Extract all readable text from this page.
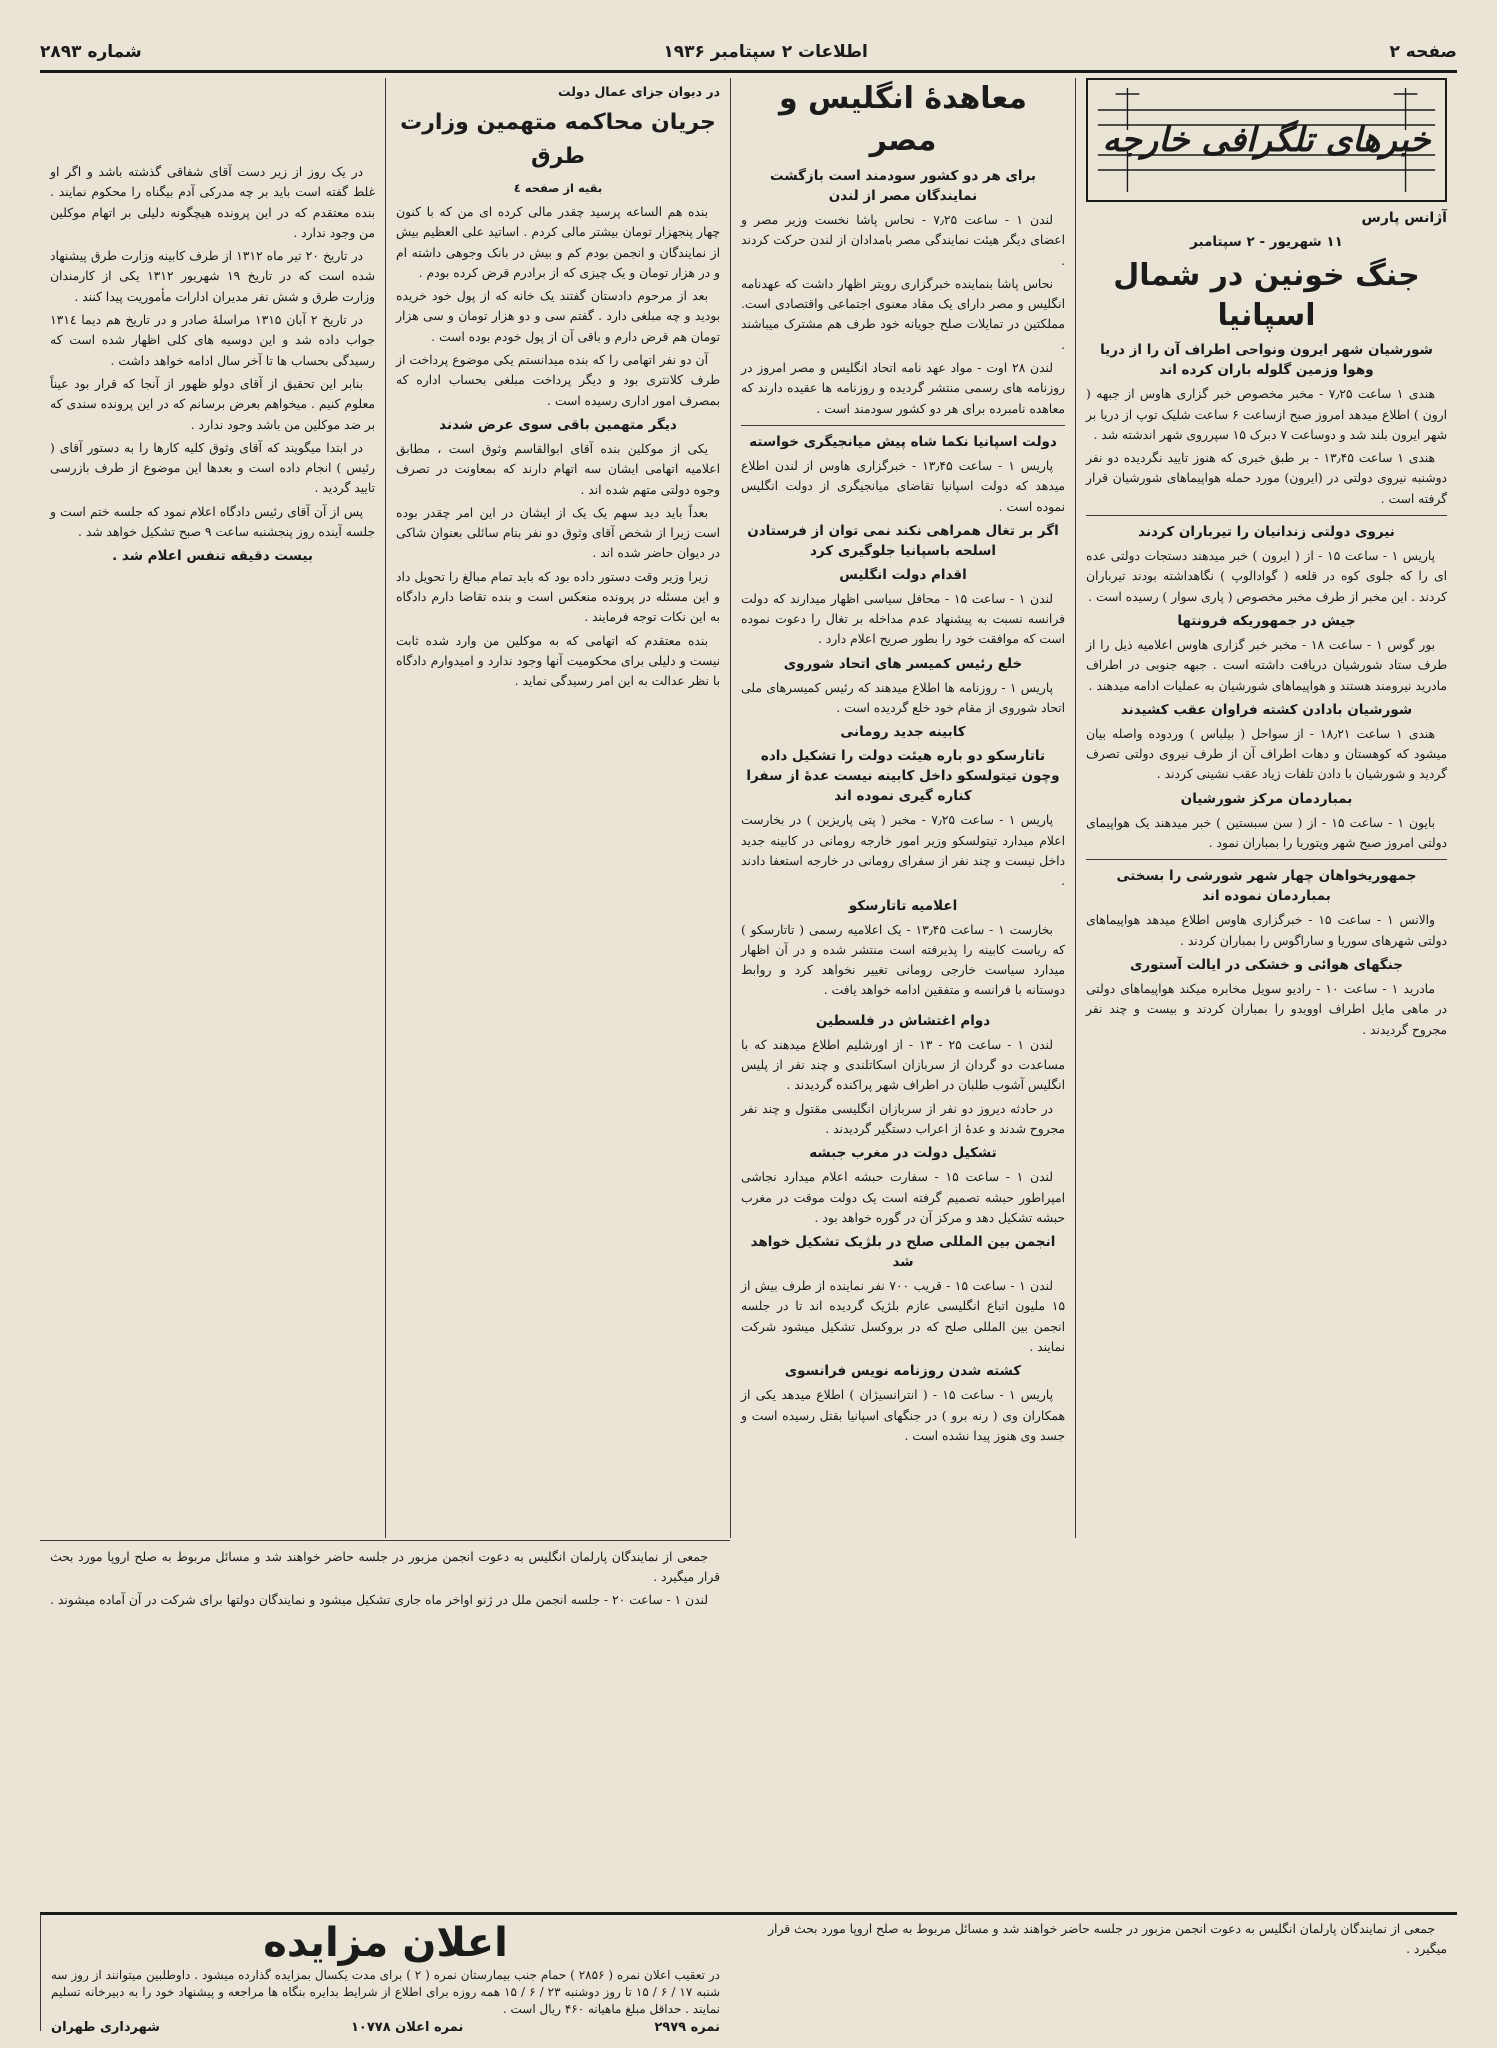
صفحه ۲
اطلاعات ۲ سپتامبر ۱۹۳۶
شماره ۲۸۹۳
خبرهای تلگرافی خارجه
آژانس پارس
۱۱ شهریور - ۲ سپتامبر
جنگ خونین در شمال اسپانیا
شورشیان شهر ایرون ونواحی اطراف آن را از دریا وهوا وزمین گلوله باران کرده اند

هندی ۱ ساعت ۷٫۲۵ - مخبر مخصوص خبر گزاری هاوس از جبهه ( ارون ) اطلاع میدهد امروز صبح ازساعت ۶ ساعت شلیک توپ از دریا بر شهر ایرون بلند شد و دوساعت ۷ دبرک ۱۵ سپرروی شهر اندشته شد .

هندی ۱ ساعت ۱۳٫۴۵ - بر طبق خبری که هنوز تایید نگردیده دو نفر دوشنبه نیروی دولتی در (ایرون) مورد حمله هواپیماهای شورشیان قرار گرفته است .

نیروی دولتی زندانیان را تیرباران کردند

پاریس ۱ - ساعت ۱۵ - از ( ایرون ) خبر میدهند دستجات دولتی عده ای را که جلوی کوه در قلعه ( گوادالوپ ) نگاهداشته بودند تیرباران کردند . این مخبر از طرف مخبر مخصوص ( پاری سوار ) رسیده است .

جیش در جمهوریکه فرونتها

بور گوس ۱ - ساعت ۱۸ - مخبر خبر گزاری هاوس اعلامیه ذیل را از طرف ستاد شورشیان دریافت داشته است . جبهه جنوبی در اطراف مادرید نیرومند هستند و هواپیماهای شورشیان به عملیات ادامه میدهند .

شورشیان بادادن کشته فراوان عقب کشیدند

هندی ۱ ساعت ۱۸٫۲۱ - از سواحل ( بیلباس ) وردوده واصله بیان میشود که کوهستان و دهات اطراف آن از طرف نیروی دولتی تصرف گردید و شورشیان با دادن تلفات زیاد عقب نشینی کردند .

بمباردمان مرکز شورشیان

بایون ۱ - ساعت ۱۵ - از ( سن سبستین ) خبر میدهند یک هواپیمای دولتی امروز صبح شهر ویتوریا را بمباران نمود .

جمهوریخواهان چهار شهر شورشی را بسختی بمباردمان نموده اند

والانس ۱ - ساعت ۱۵ - خبرگزاری هاوس اطلاع میدهد هواپیماهای دولتی شهرهای سوریا و ساراگوس را بمباران کردند .

جنگهای هوائی و خشکی در ایالت آستوری

مادرید ۱ - ساعت ۱۰ - رادیو سویل مخابره میکند هواپیماهای دولتی در ماهی مایل اطراف اوویدو را بمباران کردند و بیست و چند نفر مجروح گردیدند .

معاهدهٔ انگلیس و مصر
برای هر دو کشور سودمند است بازگشت نمایندگان مصر از لندن

لندن ۱ - ساعت ۷٫۲۵ - نحاس پاشا نخست وزیر مصر و اعضای دیگر هیئت نمایندگی مصر بامدادان از لندن حرکت کردند .

نحاس پاشا بنماینده خبرگزاری رویتر اظهار داشت که عهدنامه انگلیس و مصر دارای یک مقاد معنوی اجتماعی واقتصادی است. مملکتین در تمایلات صلح جویانه خود طرف هم مشترک میباشند .

لندن ۲۸ اوت - مواد عهد نامه اتحاد انگلیس و مصر امروز در روزنامه های رسمی منتشر گردیده و روزنامه ها عقیده دارند که معاهده نامبرده برای هر دو کشور سودمند است .

دولت اسپانیا نکما شاه پیش میانجیگری خواسته

پاریس ۱ - ساعت ۱۳٫۴۵ - خبرگزاری هاوس از لندن اطلاع میدهد که دولت اسپانیا تقاضای میانجیگری از دولت انگلیس نموده است .

اگر بر تغال همراهی نکند نمی توان از فرستادن اسلحه باسپانیا جلوگیری کرد
اقدام دولت انگلیس

لندن ۱ - ساعت ۱۵ - محافل سیاسی اظهار میدارند که دولت فرانسه نسبت به پیشنهاد عدم مداخله بر تغال را دعوت نموده است که موافقت خود را بطور صریح اعلام دارد .

خلع رئیس کمیسر های اتحاد شوروی

پاریس ۱ - روزنامه ها اطلاع میدهند که رئیس کمیسرهای ملی اتحاد شوروی از مقام خود خلع گردیده است .

کابینه جدید رومانی
تاتارسکو دو باره هیئت دولت را تشکیل داده وچون تیتولسکو داخل کابینه نیست عدهٔ از سفرا کناره گیری نموده اند

پاریس ۱ - ساعت ۷٫۲۵ - مخبر ( پتی پاریزین ) در بخارست اعلام میدارد تیتولسکو وزیر امور خارجه رومانی در کابینه جدید داخل نیست و چند نفر از سفرای رومانی در خارجه استعفا دادند .

اعلامیه تاتارسکو

بخارست ۱ - ساعت ۱۳٫۴۵ - یک اعلامیه رسمی ( تاتارسکو ) که ریاست کابینه را پذیرفته است منتشر شده و در آن اظهار میدارد سیاست خارجی رومانی تغییر نخواهد کرد و روابط دوستانه با فرانسه و متفقین ادامه خواهد یافت .

دوام اغتشاش در فلسطین

لندن ۱ - ساعت ۲۵ - ۱۳ - از اورشلیم اطلاع میدهند که با مساعدت دو گردان از سربازان اسکاتلندی و چند نفر از پلیس انگلیس آشوب طلبان در اطراف شهر پراکنده گردیدند .

در حادثه دیروز دو نفر از سربازان انگلیسی مقتول و چند نفر مجروح شدند و عدهٔ از اعراب دستگیر گردیدند .

تشکیل دولت در مغرب جبشه

لندن ۱ - ساعت ۱۵ - سفارت حبشه اعلام میدارد نجاشی امپراطور حبشه تصمیم گرفته است یک دولت موقت در مغرب حبشه تشکیل دهد و مرکز آن در گوره خواهد بود .

انجمن بین المللی صلح در بلژیک تشکیل خواهد شد

لندن ۱ - ساعت ۱۵ - قریب ۷۰۰ نفر نماینده از طرف بیش از ۱۵ ملیون اتباع انگلیسی عازم بلژیک گردیده اند تا در جلسه انجمن بین المللی صلح که در بروکسل تشکیل میشود شرکت نمایند .

کشته شدن روزنامه نویس فرانسوی

پاریس ۱ - ساعت ۱۵ - ( انترانسیژان ) اطلاع میدهد یکی از همکاران وی ( رنه برو ) در جنگهای اسپانیا بقتل رسیده است و جسد وی هنوز پیدا نشده است .

در دیوان جزای عمال دولت
جریان محاکمه متهمین وزارت طرق
بقیه از صفحه ٤

بنده هم الساعه پرسید چقدر مالی کرده ای من که با کنون چهار پنجهزار تومان بیشتر مالی کردم . اساتید علی العظیم بیش از نمایندگان و انجمن بودم کم و بیش در بانک وجوهی داشته ام و در هزار تومان و یک چیزی که از برادرم قرض کرده بودم .

بعد از مرحوم دادستان گفتند یک خانه که از پول خود خریده بودید و چه مبلغی دارد . گفتم سی و دو هزار تومان و سی هزار تومان هم قرض دارم و باقی آن از پول خودم بوده است .

آن دو نفر اتهامی را که بنده میدانستم یکی موضوع پرداخت از طرف کلانتری بود و دیگر پرداخت مبلغی بحساب اداره که بمصرف امور اداری رسیده است .

دیگر متهمین باقی سوی عرض شدند

یکی از موکلین بنده آقای ابوالقاسم وثوق است ، مطابق اعلامیه اتهامی ایشان سه اتهام دارند که بمعاونت در تصرف وجوه دولتی متهم شده اند .

بعداً باید دید سهم یک یک از ایشان در این امر چقدر بوده است زیرا از شخص آقای وثوق دو نفر بنام سائلی بعنوان شاکی در دیوان حاضر شده اند .

زیرا وزیر وقت دستور داده بود که باید تمام مبالغ را تحویل داد و این مسئله در پرونده منعکس است و بنده تقاضا دارم دادگاه به این نکات توجه فرمایند .

بنده معتقدم که اتهامی که به موکلین من وارد شده ثابت نیست و دلیلی برای محکومیت آنها وجود ندارد و امیدوارم دادگاه با نظر عدالت به این امر رسیدگی نماید .

در یک روز از زیر دست آقای شفاقی گذشته باشد و اگر او غلط گفته است باید بر چه مدرکی آدم بیگناه را محکوم نمایند . بنده معتقدم که در این پرونده هیچگونه دلیلی بر اتهام موکلین من وجود ندارد .

در تاریخ ۲۰ تیر ماه ۱۳۱۲ از طرف کابینه وزارت طرق پیشنهاد شده است که در تاریخ ۱۹ شهریور ۱۳۱۲ یکی از کارمندان وزارت طرق و شش نفر مدیران ادارات مأموریت پیدا کنند .

در تاریخ ۲ آبان ۱۳۱۵ مراسلهٔ صادر و در تاریخ هم دیما ۱۳۱٤ جواب داده شد و این دوسیه های کلی اظهار شده است که رسیدگی بحساب ها تا آخر سال ادامه خواهد داشت .

بنابر این تحقیق از آقای دولو ظهور از آنجا که قرار بود عیناً معلوم کنیم . میخواهم بعرض برسانم که در این پرونده سندی که بر ضد موکلین من باشد وجود ندارد .

در ابتدا میگویند که آقای وثوق کلیه کارها را به دستور آقای ( رئیس ) انجام داده است و بعدها این موضوع از طرف بازرسی تایید گردید .

پس از آن آقای رئیس دادگاه اعلام نمود که جلسه ختم است و جلسه آینده روز پنجشنبه ساعت ۹ صبح تشکیل خواهد شد .

بیست دقیقه تنفس اعلام شد .

جمعی از نمایندگان پارلمان انگلیس به دعوت انجمن مزبور در جلسه حاضر خواهند شد و مسائل مربوط به صلح اروپا مورد بحث قرار میگیرد .

لندن ۱ - ساعت ۲۰ - جلسه انجمن ملل در ژنو اواخر ماه جاری تشکیل میشود و نمایندگان دولتها برای شرکت در آن آماده میشوند .

جمعی از نمایندگان پارلمان انگلیس به دعوت انجمن مزبور در جلسه حاضر خواهند شد و مسائل مربوط به صلح اروپا مورد بحث قرار میگیرد .

اعلان مزایده
در تعقیب اعلان نمره ( ۲۸۵۶ ) حمام جنب بیمارستان نمره ( ۲ ) برای مدت یکسال بمزایده گذارده میشود . داوطلبین میتوانند از روز سه شنبه ۱۷ / ۶ / ۱۵ تا روز دوشنبه ۲۳ / ۶ / ۱۵ همه روزه برای اطلاع از شرایط بدایره بنگاه ها مراجعه و پیشنهاد خود را به دبیرخانه تسلیم نمایند . حداقل مبلغ ماهیانه ۴۶۰ ریال است .
نمره ۲۹۷۹
نمره اعلان ۱۰۷۷۸
شهرداری طهران
